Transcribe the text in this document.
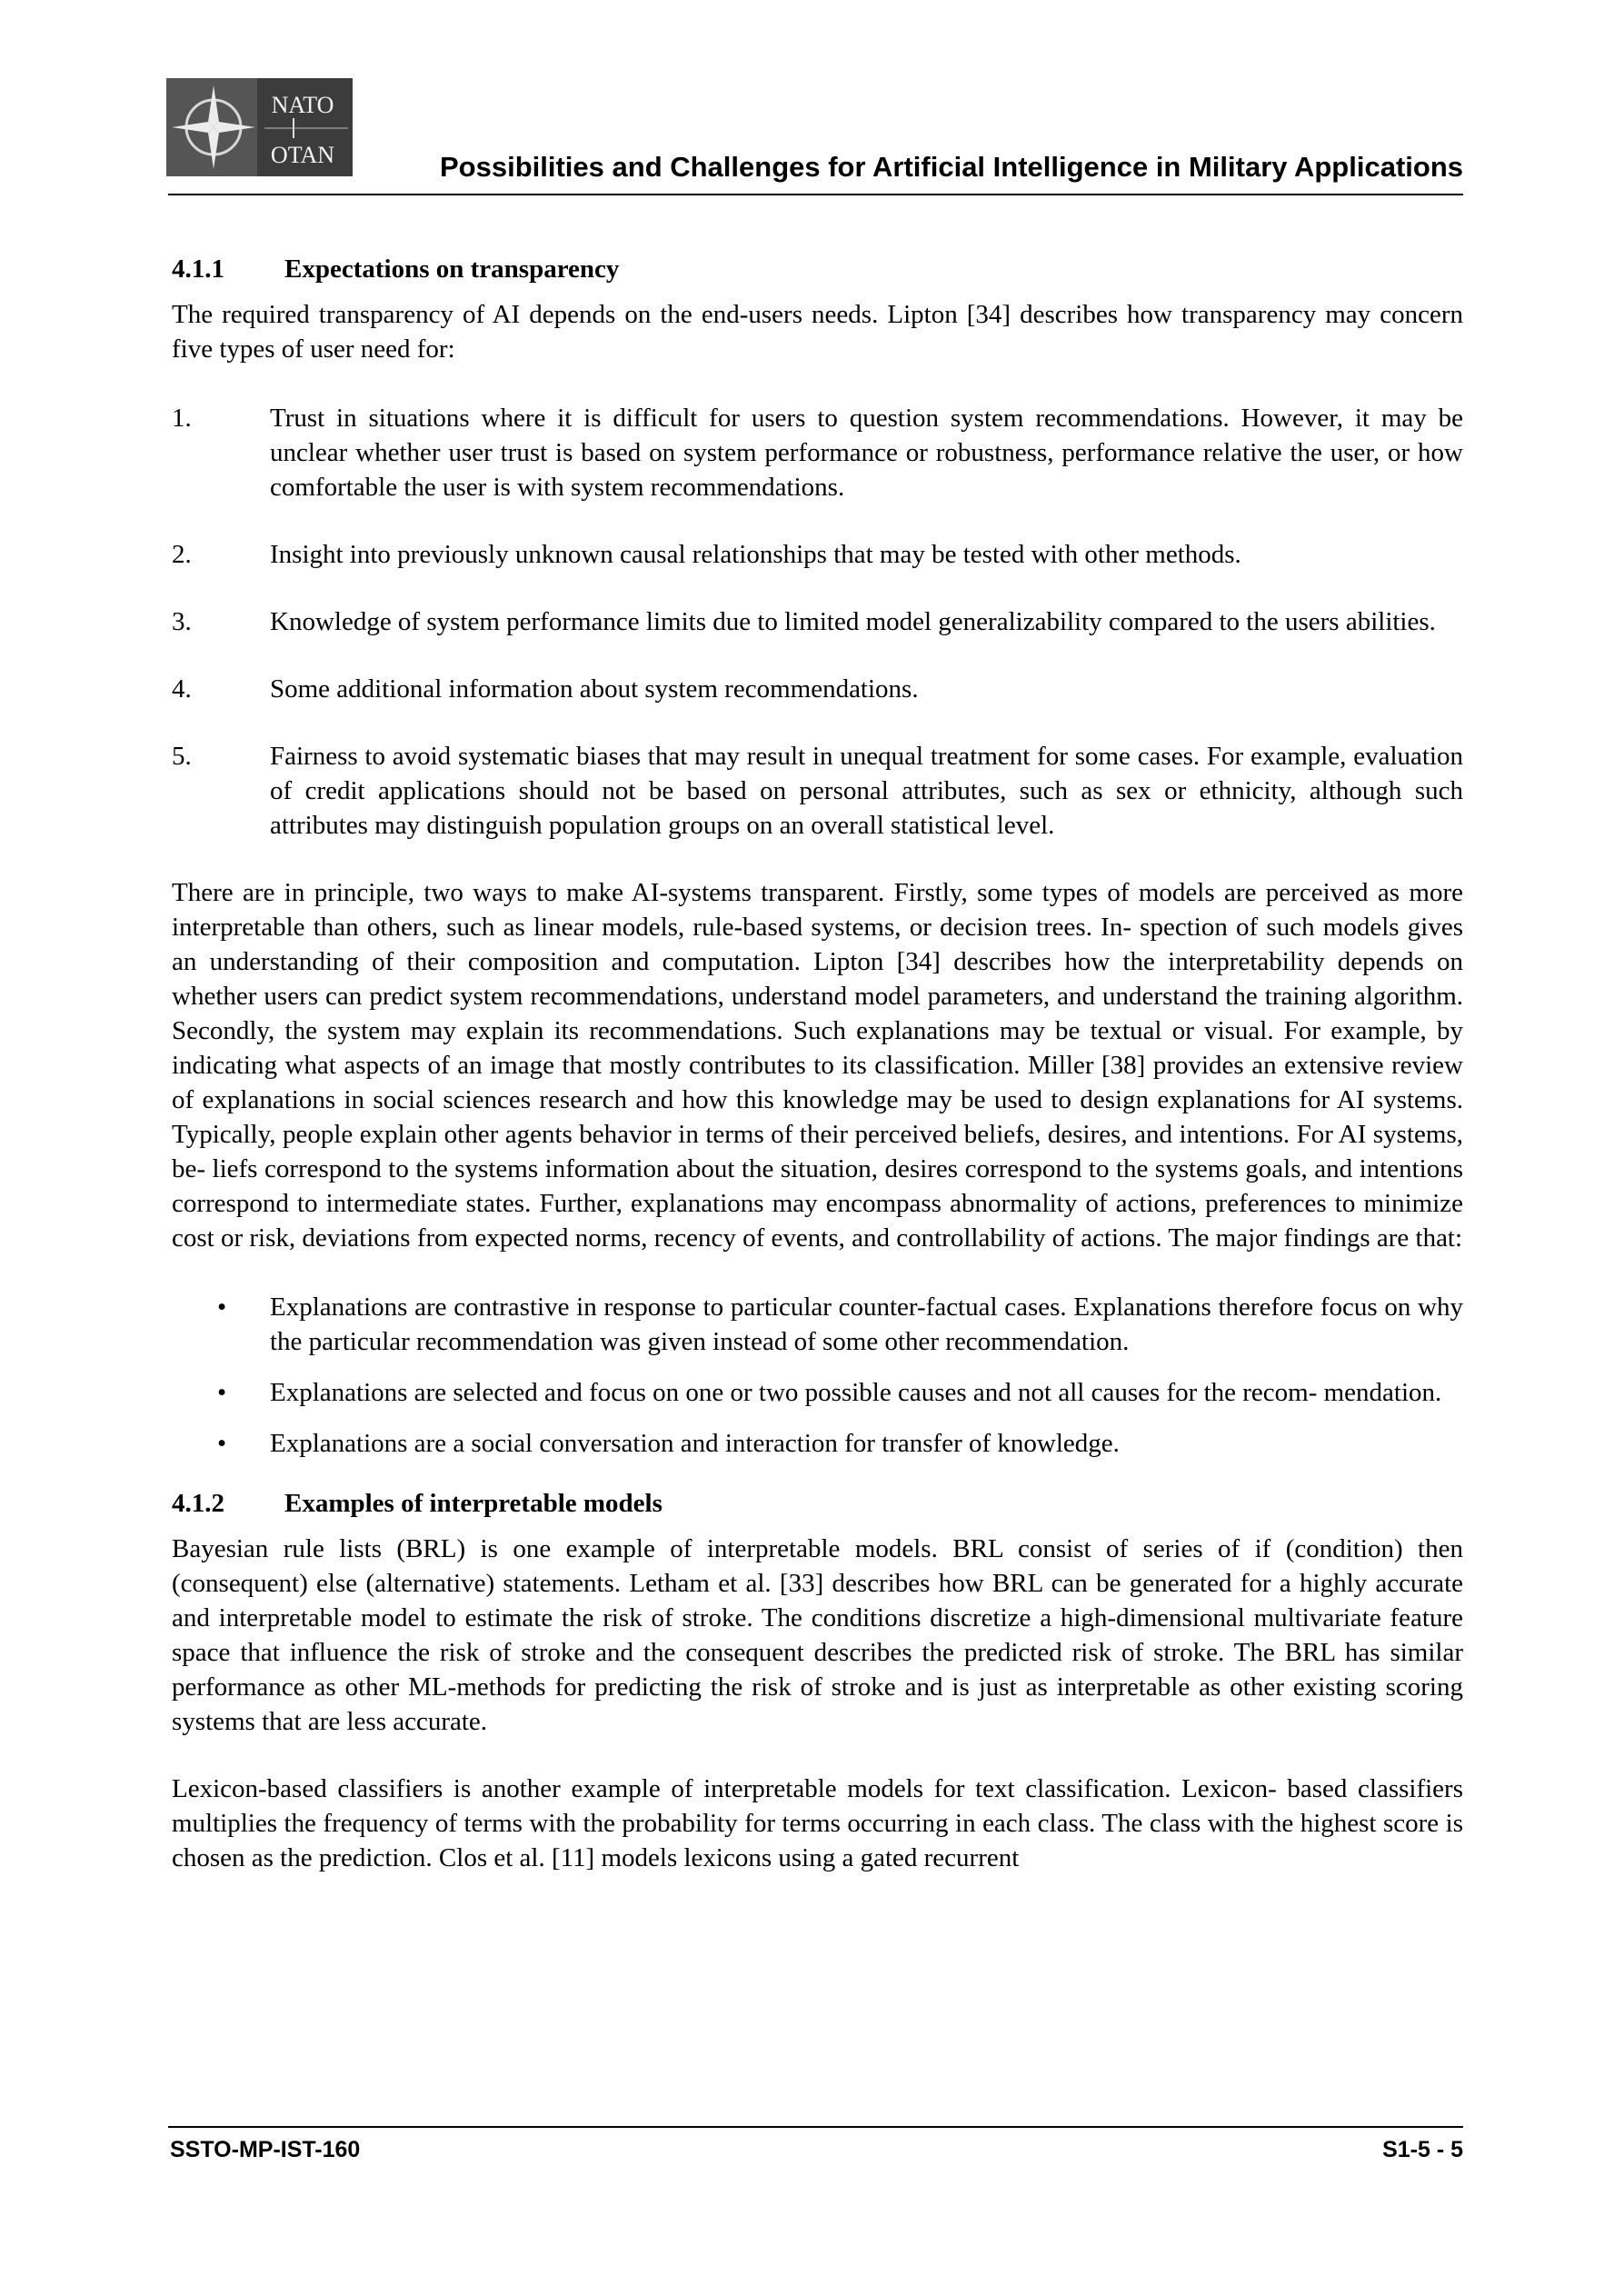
NATO
OTAN	Possibilities and Challenges for Artificial Intelligence in Military Applications
4.1.1 Expectations on transparency

The required transparency of AI depends on the end-users needs. Lipton [34] describes how transparency may concern five types of user need for:

1.	Trust in situations where it is difficult for users to question system recommendations. However, it may be unclear whether user trust is based on system performance or robustness, performance relative the user, or how comfortable the user is with system recommendations.
2.	Insight into previously unknown causal relationships that may be tested with other methods.
3.	Knowledge of system performance limits due to limited model generalizability compared to the users abilities.
4.	Some additional information about system recommendations.
5.	Fairness to avoid systematic biases that may result in unequal treatment for some cases. For example, evaluation of credit applications should not be based on personal attributes, such as sex or ethnicity, although such attributes may distinguish population groups on an overall statistical level.

There are in principle, two ways to make AI-systems transparent. Firstly, some types of models are perceived as more interpretable than others, such as linear models, rule-based systems, or decision trees. In- spection of such models gives an understanding of their composition and computation. Lipton [34] describes how the interpretability depends on whether users can predict system recommendations, understand model parameters, and understand the training algorithm. Secondly, the system may explain its recommendations. Such explanations may be textual or visual. For example, by indicating what aspects of an image that mostly contributes to its classification. Miller [38] provides an extensive review of explanations in social sciences research and how this knowledge may be used to design explanations for AI systems. Typically, people explain other agents behavior in terms of their perceived beliefs, desires, and intentions. For AI systems, be- liefs correspond to the systems information about the situation, desires correspond to the systems goals, and intentions correspond to intermediate states. Further, explanations may encompass abnormality of actions, preferences to minimize cost or risk, deviations from expected norms, recency of events, and controllability of actions. The major findings are that:

•	Explanations are contrastive in response to particular counter-factual cases. Explanations therefore focus on why the particular recommendation was given instead of some other recommendation.
•	Explanations are selected and focus on one or two possible causes and not all causes for the recom- mendation.
•	Explanations are a social conversation and interaction for transfer of knowledge.
4.1.2 Examples of interpretable models

Bayesian rule lists (BRL) is one example of interpretable models. BRL consist of series of if (condition) then (consequent) else (alternative) statements. Letham et al. [33] describes how BRL can be generated for a highly accurate and interpretable model to estimate the risk of stroke. The conditions discretize a high-dimensional multivariate feature space that influence the risk of stroke and the consequent describes the predicted risk of stroke. The BRL has similar performance as other ML-methods for predicting the risk of stroke and is just as interpretable as other existing scoring systems that are less accurate.

Lexicon-based classifiers is another example of interpretable models for text classification. Lexicon- based classifiers multiplies the frequency of terms with the probability for terms occurring in each class. The class with the highest score is chosen as the prediction. Clos et al. [11] models lexicons using a gated recurrent

SSTO-MP-IST-160	S1-5 - 5
